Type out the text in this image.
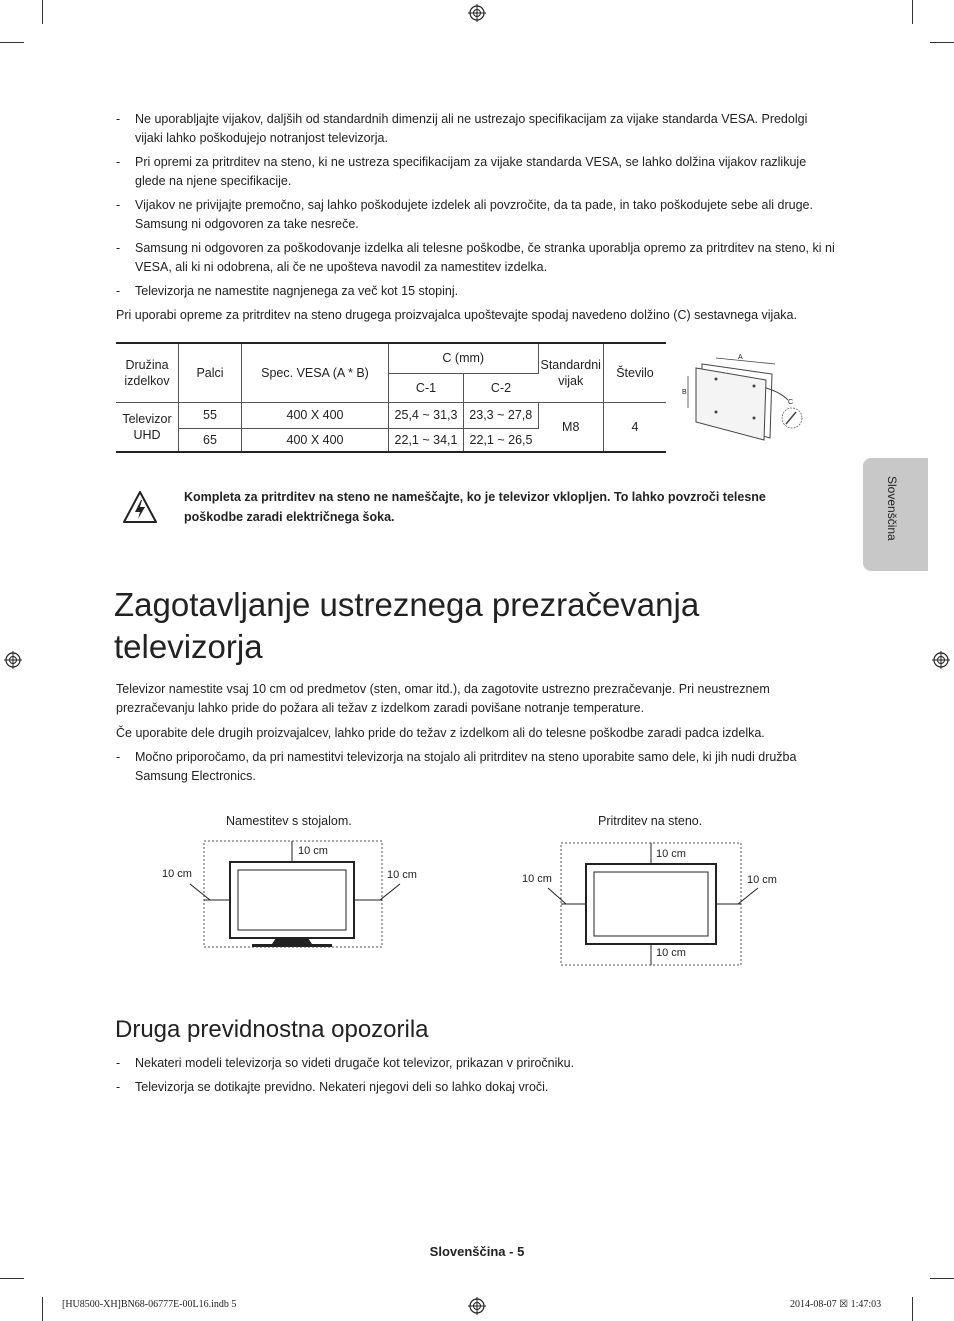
- Ne uporabljajte vijakov, daljših od standardnih dimenzij ali ne ustrezajo specifikacijam za vijake standarda VESA. Predolgi vijaki lahko poškodujejo notranjost televizorja.
- Pri opremi za pritrditev na steno, ki ne ustreza specifikacijam za vijake standarda VESA, se lahko dolžina vijakov razlikuje glede na njene specifikacije.
- Vijakov ne privijajte premočno, saj lahko poškodujete izdelek ali povzročite, da ta pade, in tako poškodujete sebe ali druge. Samsung ni odgovoren za take nesreče.
- Samsung ni odgovoren za poškodovanje izdelka ali telesne poškodbe, če stranka uporablja opremo za pritrditev na steno, ki ni VESA, ali ki ni odobrena, ali če ne upošteva navodil za namestitev izdelka.
- Televizorja ne namestite nagnjenega za več kot 15 stopinj.

Pri uporabi opreme za pritrditev na steno drugega proizvajalca upoštevajte spodaj navedeno dolžino (C) sestavnega vijaka.

Družina izdelkov	Palci	Spec. VESA (A * B)	C (mm)		Standardni vijak	Število
			C-1	C-2		
Televizor UHD	55	400 X 400	25,4 ~ 31,3	23,3 ~ 27,8	M8	4
	65	400 X 400	22,1 ~ 34,1	22,1 ~ 26,5		
A
B
C
Kompleta za pritrditev na steno ne nameščajte, ko je televizor vklopljen. To lahko povzroči telesne poškodbe zaradi električnega šoka.	Slovenščina
Zagotavljanje ustreznega prezračevanja televizorja

Televizor namestite vsaj 10 cm od predmetov (sten, omar itd.), da zagotovite ustrezno prezračevanje. Pri neustreznem prezračevanju lahko pride do požara ali težav z izdelkom zaradi povišane notranje temperature.

Če uporabite dele drugih proizvajalcev, lahko pride do težav z izdelkom ali do telesne poškodbe zaradi padca izdelka.

- Močno priporočamo, da pri namestitvi televizorja na stojalo ali pritrditev na steno uporabite samo dele, ki jih nudi družba Samsung Electronics.
Namestitev s stojalom.
10 cm
10 cm	10 cm
Pritrditev na steno.
10 cm
10 cm	10 cm
10 cm
Druga previdnostna opozorila
- Nekateri modeli televizorja so videti drugače kot televizor, prikazan v priročniku.
- Televizorja se dotikajte previdno. Nekateri njegovi deli so lahko dokaj vroči.
Slovenščina - 5
[HU8500-XH]BN68-06777E-00L16.indb 5	2014-08-07 ☒ 1:47:03
